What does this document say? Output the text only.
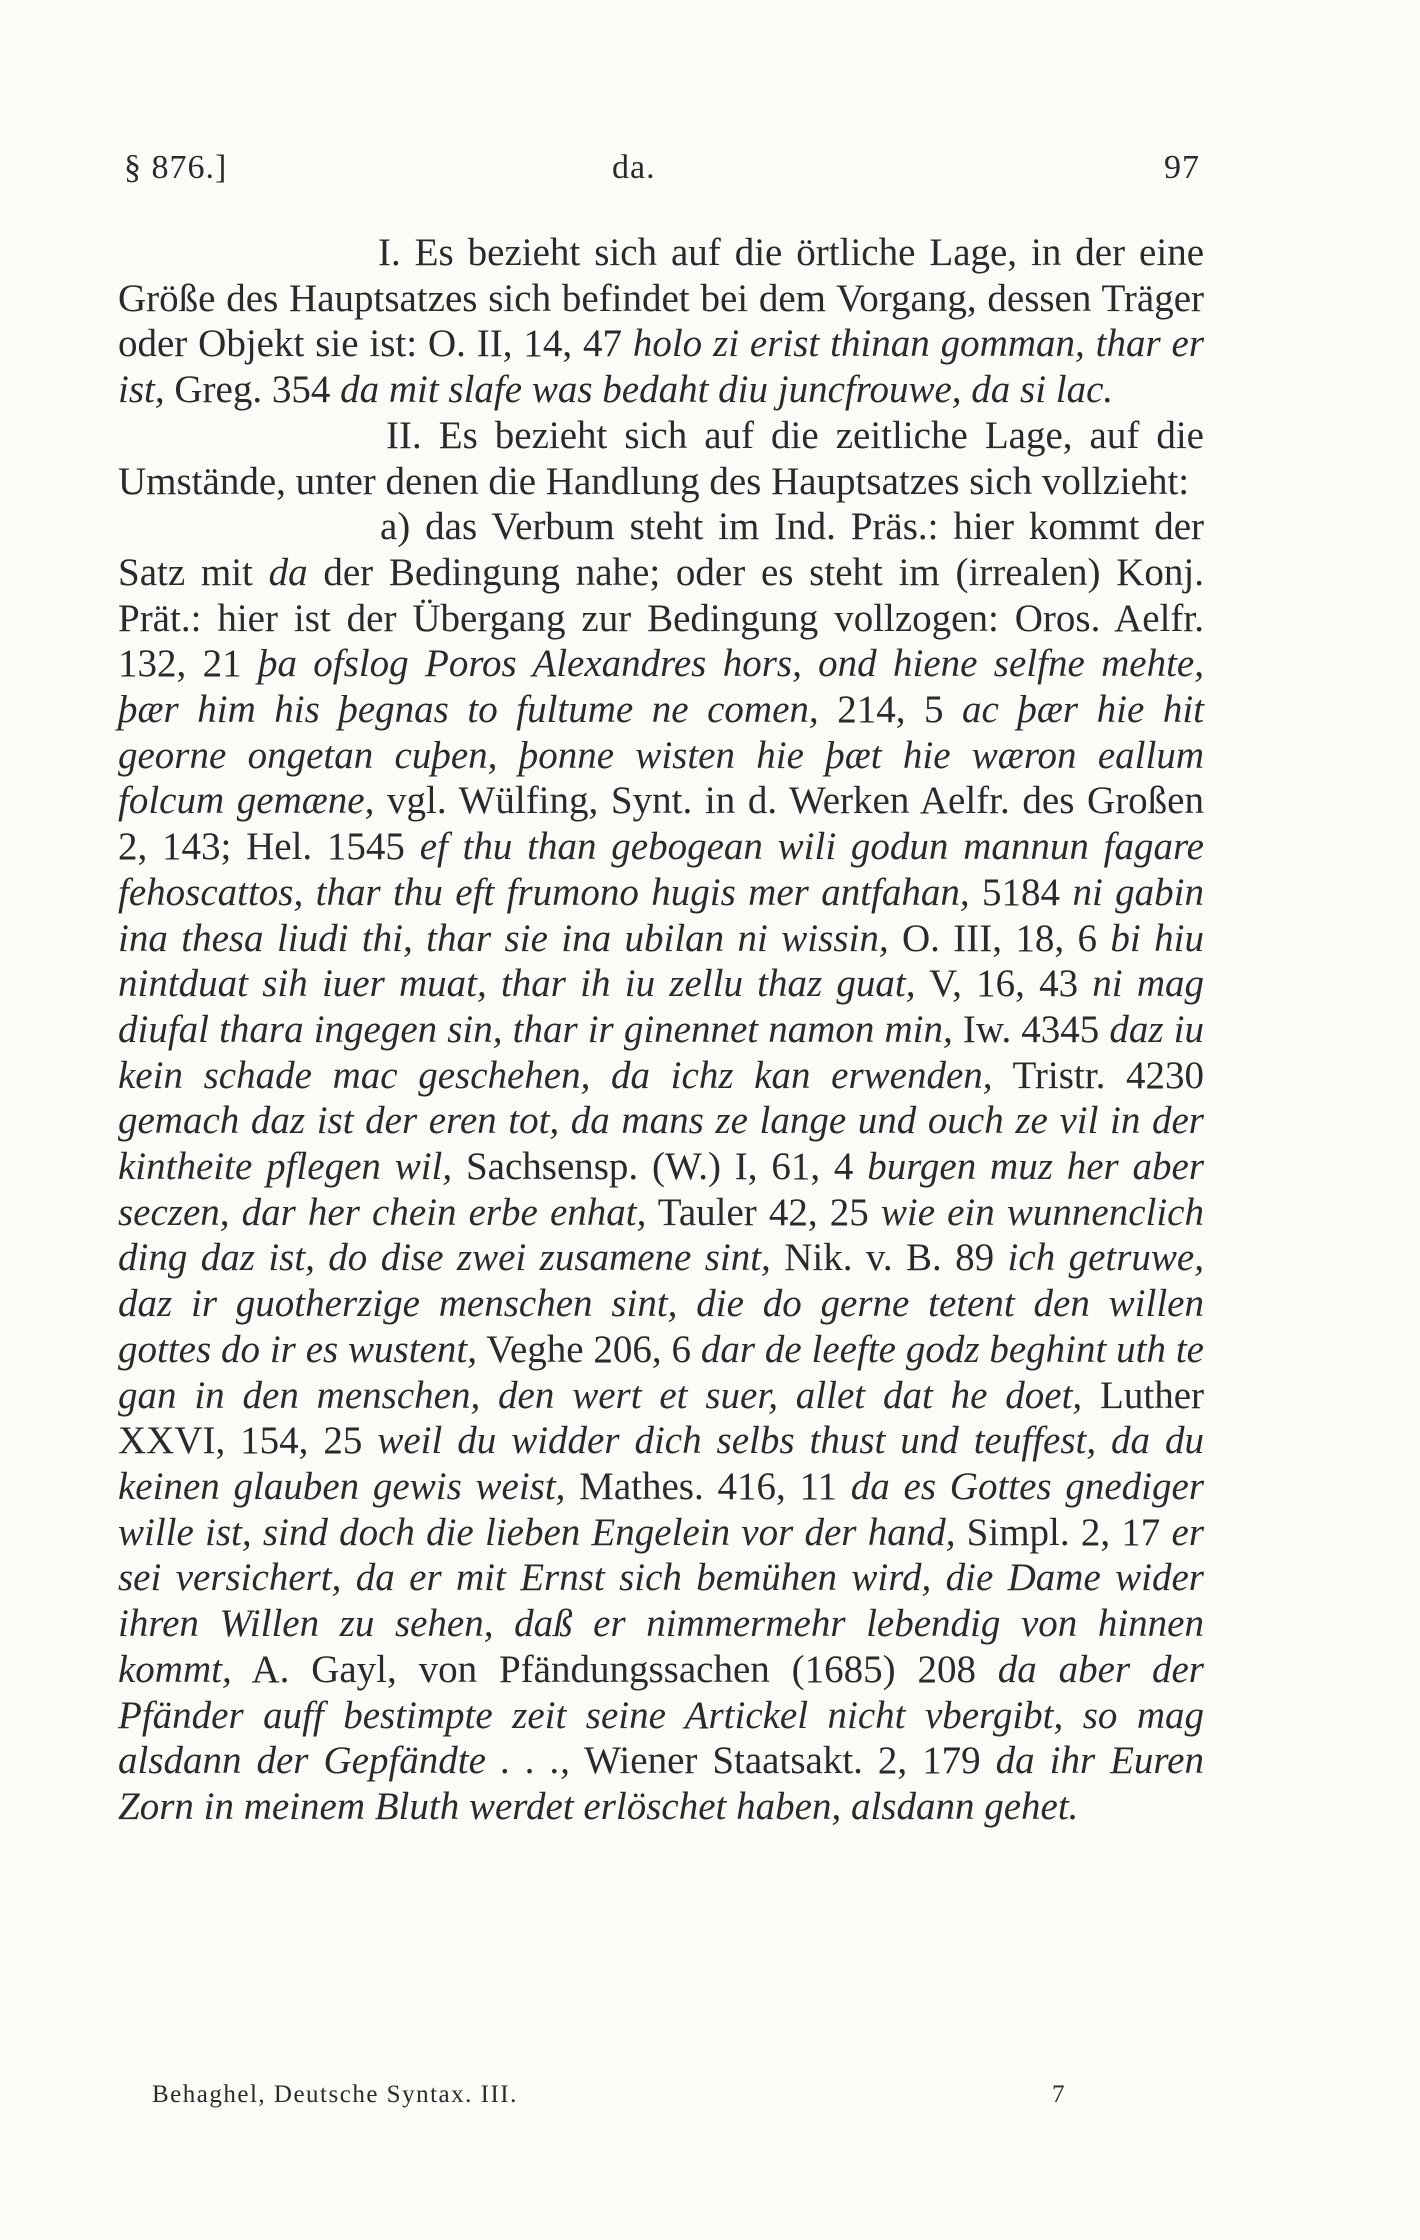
§ 876.]	da.	97

I. Es bezieht sich auf die örtliche Lage, in der eine Größe des Hauptsatzes sich befindet bei dem Vorgang, dessen Träger oder Objekt sie ist: O. II, 14, 47 holo zi erist thinan gomman, thar er ist, Greg. 354 da mit slafe was bedaht diu juncfrouwe, da si lac.

II. Es bezieht sich auf die zeitliche Lage, auf die Umstände, unter denen die Handlung des Hauptsatzes sich vollzieht:

a) das Verbum steht im Ind. Präs.: hier kommt der Satz mit da der Bedingung nahe; oder es steht im (irrealen) Konj. Prät.: hier ist der Übergang zur Bedingung vollzogen: Oros. Aelfr. 132, 21 þa ofslog Poros Alexandres hors, ond hiene selfne mehte, þær him his þegnas to fultume ne comen, 214, 5 ac þær hie hit georne ongetan cuþen, þonne wisten hie þæt hie wæron eallum folcum gemæne, vgl. Wülfing, Synt. in d. Werken Aelfr. des Großen 2, 143; Hel. 1545 ef thu than gebogean wili godun mannun fagare fehoscattos, thar thu eft frumono hugis mer antfahan, 5184 ni gabin ina thesa liudi thi, thar sie ina ubilan ni wissin, O. III, 18, 6 bi hiu nintduat sih iuer muat, thar ih iu zellu thaz guat, V, 16, 43 ni mag diufal thara ingegen sin, thar ir ginennet namon min, Iw. 4345 daz iu kein schade mac geschehen, da ichz kan erwenden, Tristr. 4230 gemach daz ist der eren tot, da mans ze lange und ouch ze vil in der kintheite pflegen wil, Sachsensp. (W.) I, 61, 4 burgen muz her aber seczen, dar her chein erbe enhat, Tauler 42, 25 wie ein wunnenclich ding daz ist, do dise zwei zusamene sint, Nik. v. B. 89 ich getruwe, daz ir guotherzige menschen sint, die do gerne tetent den willen gottes do ir es wustent, Veghe 206, 6 dar de leefte godz beghint uth te gan in den menschen, den wert et suer, allet dat he doet, Luther XXVI, 154, 25 weil du widder dich selbs thust und teuffest, da du keinen glauben gewis weist, Mathes. 416, 11 da es Gottes gnediger wille ist, sind doch die lieben Engelein vor der hand, Simpl. 2, 17 er sei versichert, da er mit Ernst sich bemühen wird, die Dame wider ihren Willen zu sehen, daß er nimmermehr lebendig von hinnen kommt, A. Gayl, von Pfändungssachen (1685) 208 da aber der Pfänder auff bestimpte zeit seine Artickel nicht vbergibt, so mag alsdann der Gepfändte . . ., Wiener Staatsakt. 2, 179 da ihr Euren Zorn in meinem Bluth werdet erlöschet haben, alsdann gehet.

Behaghel, Deutsche Syntax. III.	7
